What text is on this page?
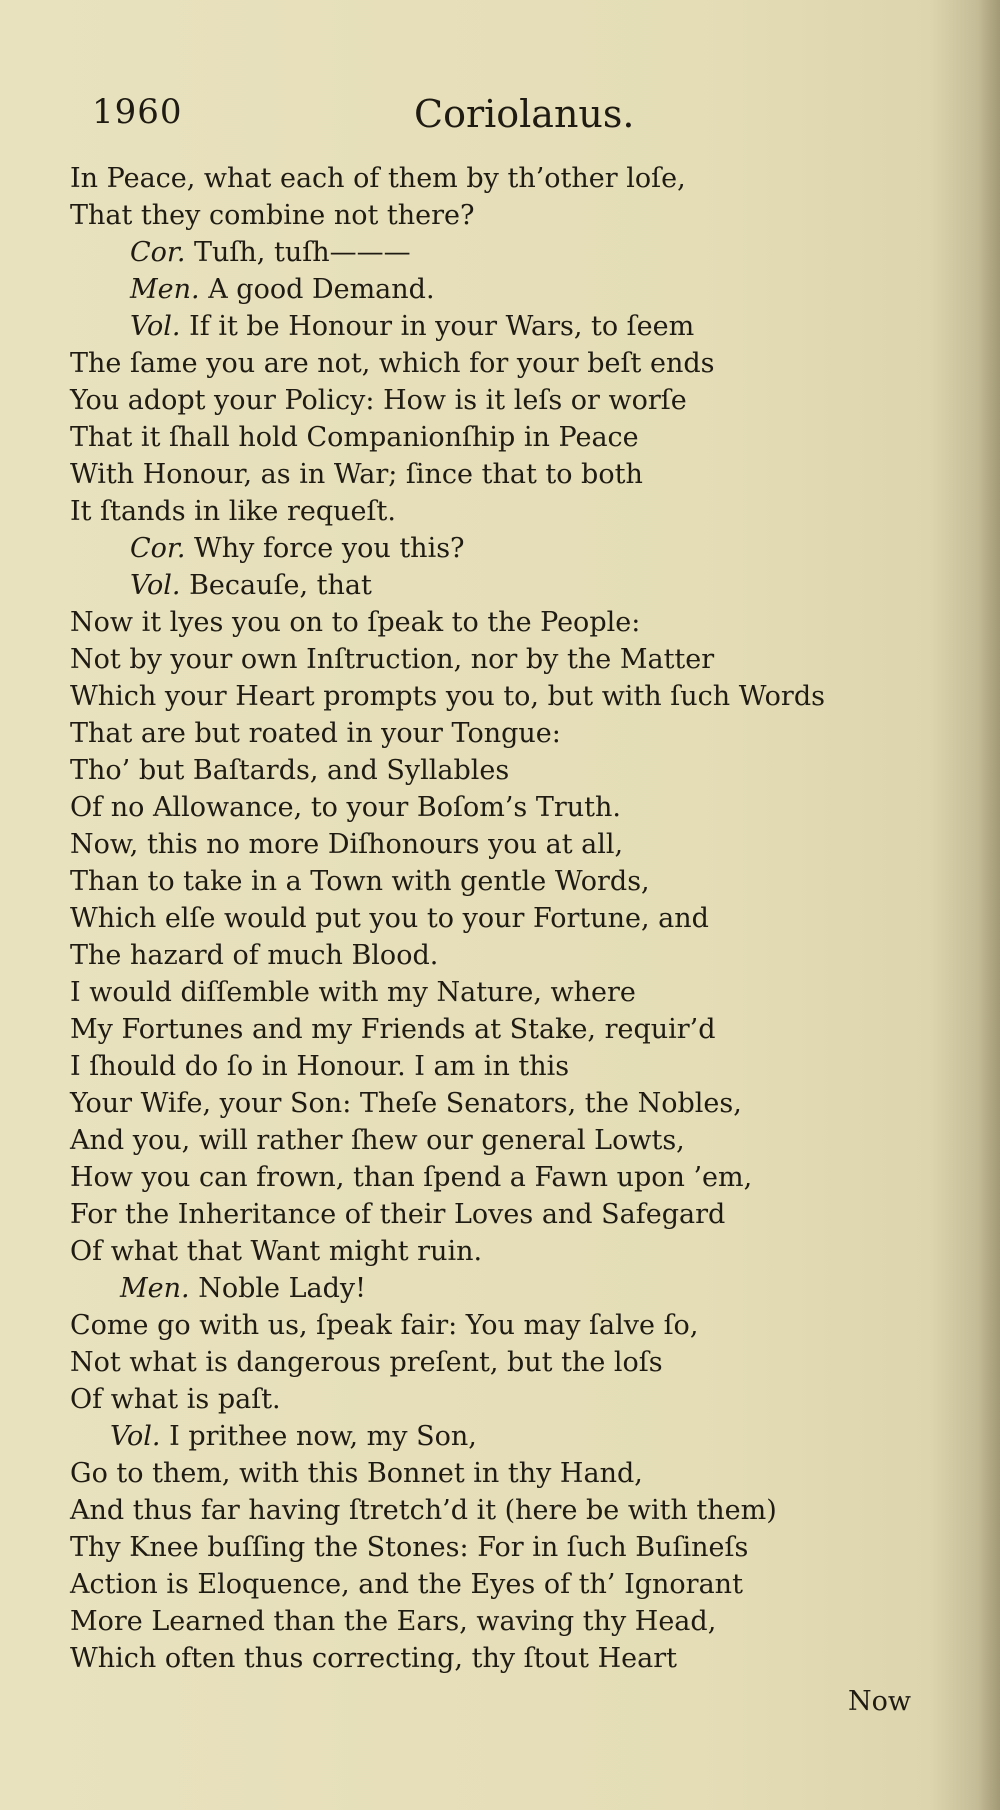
1960	Coriolanus.
In Peace, what each of them by th’other loſe,
That they combine not there?
Cor. Tuſh, tuſh———
Men. A good Demand.
Vol. If it be Honour in your Wars, to ſeem
The ſame you are not, which for your beſt ends
You adopt your Policy: How is it leſs or worſe
That it ſhall hold Companionſhip in Peace
With Honour, as in War; ſince that to both
It ſtands in like requeſt.
Cor. Why force you this?
Vol. Becauſe, that
Now it lyes you on to ſpeak to the People:
Not by your own Inſtruction, nor by the Matter
Which your Heart prompts you to, but with ſuch Words
That are but roated in your Tongue:
Tho’ but Baſtards, and Syllables
Of no Allowance, to your Boſom’s Truth.
Now, this no more Diſhonours you at all,
Than to take in a Town with gentle Words,
Which elſe would put you to your Fortune, and
The hazard of much Blood.
I would diſſemble with my Nature, where
My Fortunes and my Friends at Stake, requir’d
I ſhould do ſo in Honour. I am in this
Your Wife, your Son: Theſe Senators, the Nobles,
And you, will rather ſhew our general Lowts,
How you can frown, than ſpend a Fawn upon ’em,
For the Inheritance of their Loves and Safegard
Of what that Want might ruin.
Men. Noble Lady!
Come go with us, ſpeak fair: You may ſalve ſo,
Not what is dangerous preſent, but the loſs
Of what is paſt.
Vol. I prithee now, my Son,
Go to them, with this Bonnet in thy Hand,
And thus far having ſtretch’d it (here be with them)
Thy Knee buſſing the Stones: For in ſuch Buſineſs
Action is Eloquence, and the Eyes of th’ Ignorant
More Learned than the Ears, waving thy Head,
Which often thus correcting, thy ſtout Heart
Now
